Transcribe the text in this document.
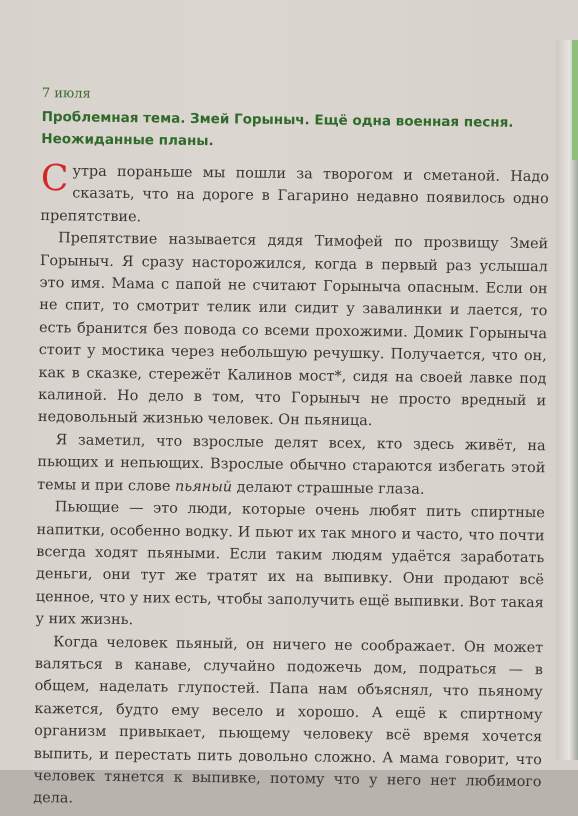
7 июля
Проблемная тема. Змей Горыныч. Ещё одна военная песня. Неожиданные планы.

С утра пораньше мы пошли за творогом и сметаной. Надо сказать, что на дороге в Гагарино недавно появилось одно препятствие.

Препятствие называется дядя Тимофей по прозвищу Змей Горыныч. Я сразу насторожился, когда в первый раз услышал это имя. Мама с папой не считают Горыныча опасным. Если он не спит, то смотрит телик или сидит у завалинки и лается, то есть бранится без повода со всеми прохожими. Домик Горыныча стоит у мостика через небольшую речушку. Получается, что он, как в сказке, стережёт Калинов мост*, сидя на своей лавке под калиной. Но дело в том, что Горыныч не просто вредный и недовольный жизнью человек. Он пьяница.

Я заметил, что взрослые делят всех, кто здесь живёт, на пьющих и непьющих. Взрослые обычно стараются избегать этой темы и при слове пьяный делают страшные глаза.

Пьющие — это люди, которые очень любят пить спиртные напитки, особенно водку. И пьют их так много и часто, что почти всегда ходят пьяными. Если таким людям удаётся заработать деньги, они тут же тратят их на выпивку. Они продают всё ценное, что у них есть, чтобы заполучить ещё выпивки. Вот такая у них жизнь.

Когда человек пьяный, он ничего не соображает. Он может валяться в канаве, случайно подожечь дом, подраться — в общем, наделать глупостей. Папа нам объяснял, что пьяному кажется, будто ему весело и хорошо. А ещё к спиртному организм привыкает, пьющему человеку всё время хочется выпить, и перестать пить довольно сложно. А мама говорит, что человек тянется к выпивке, потому что у него нет любимого дела.
